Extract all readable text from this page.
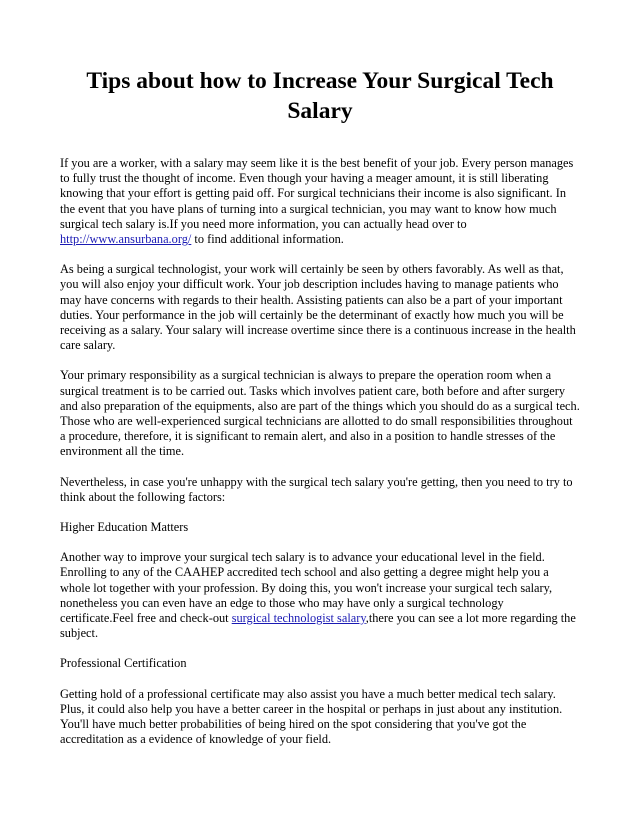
Tips about how to Increase Your Surgical Tech Salary

If you are a worker, with a salary may seem like it is the best benefit of your job. Every person manages to fully trust the thought of income. Even though your having a meager amount, it is still liberating knowing that your effort is getting paid off. For surgical technicians their income is also significant. In the event that you have plans of turning into a surgical technician, you may want to know how much surgical tech salary is.If you need more information, you can actually head over to http://www.ansurbana.org/ to find additional information.

As being a surgical technologist, your work will certainly be seen by others favorably. As well as that, you will also enjoy your difficult work. Your job description includes having to manage patients who may have concerns with regards to their health. Assisting patients can also be a part of your important duties. Your performance in the job will certainly be the determinant of exactly how much you will be receiving as a salary. Your salary will increase overtime since there is a continuous increase in the health care salary.

Your primary responsibility as a surgical technician is always to prepare the operation room when a surgical treatment is to be carried out. Tasks which involves patient care, both before and after surgery and also preparation of the equipments, also are part of the things which you should do as a surgical tech. Those who are well-experienced surgical technicians are allotted to do small responsibilities throughout a procedure, therefore, it is significant to remain alert, and also in a position to handle stresses of the environment all the time.

Nevertheless, in case you're unhappy with the surgical tech salary you're getting, then you need to try to think about the following factors:

Higher Education Matters

Another way to improve your surgical tech salary is to advance your educational level in the field. Enrolling to any of the CAAHEP accredited tech school and also getting a degree might help you a whole lot together with your profession. By doing this, you won't increase your surgical tech salary, nonetheless you can even have an edge to those who may have only a surgical technology certificate.Feel free and check-out surgical technologist salary,there you can see a lot more regarding the subject.

Professional Certification

Getting hold of a professional certificate may also assist you have a much better medical tech salary. Plus, it could also help you have a better career in the hospital or perhaps in just about any institution. You'll have much better probabilities of being hired on the spot considering that you've got the accreditation as a evidence of knowledge of your field.
